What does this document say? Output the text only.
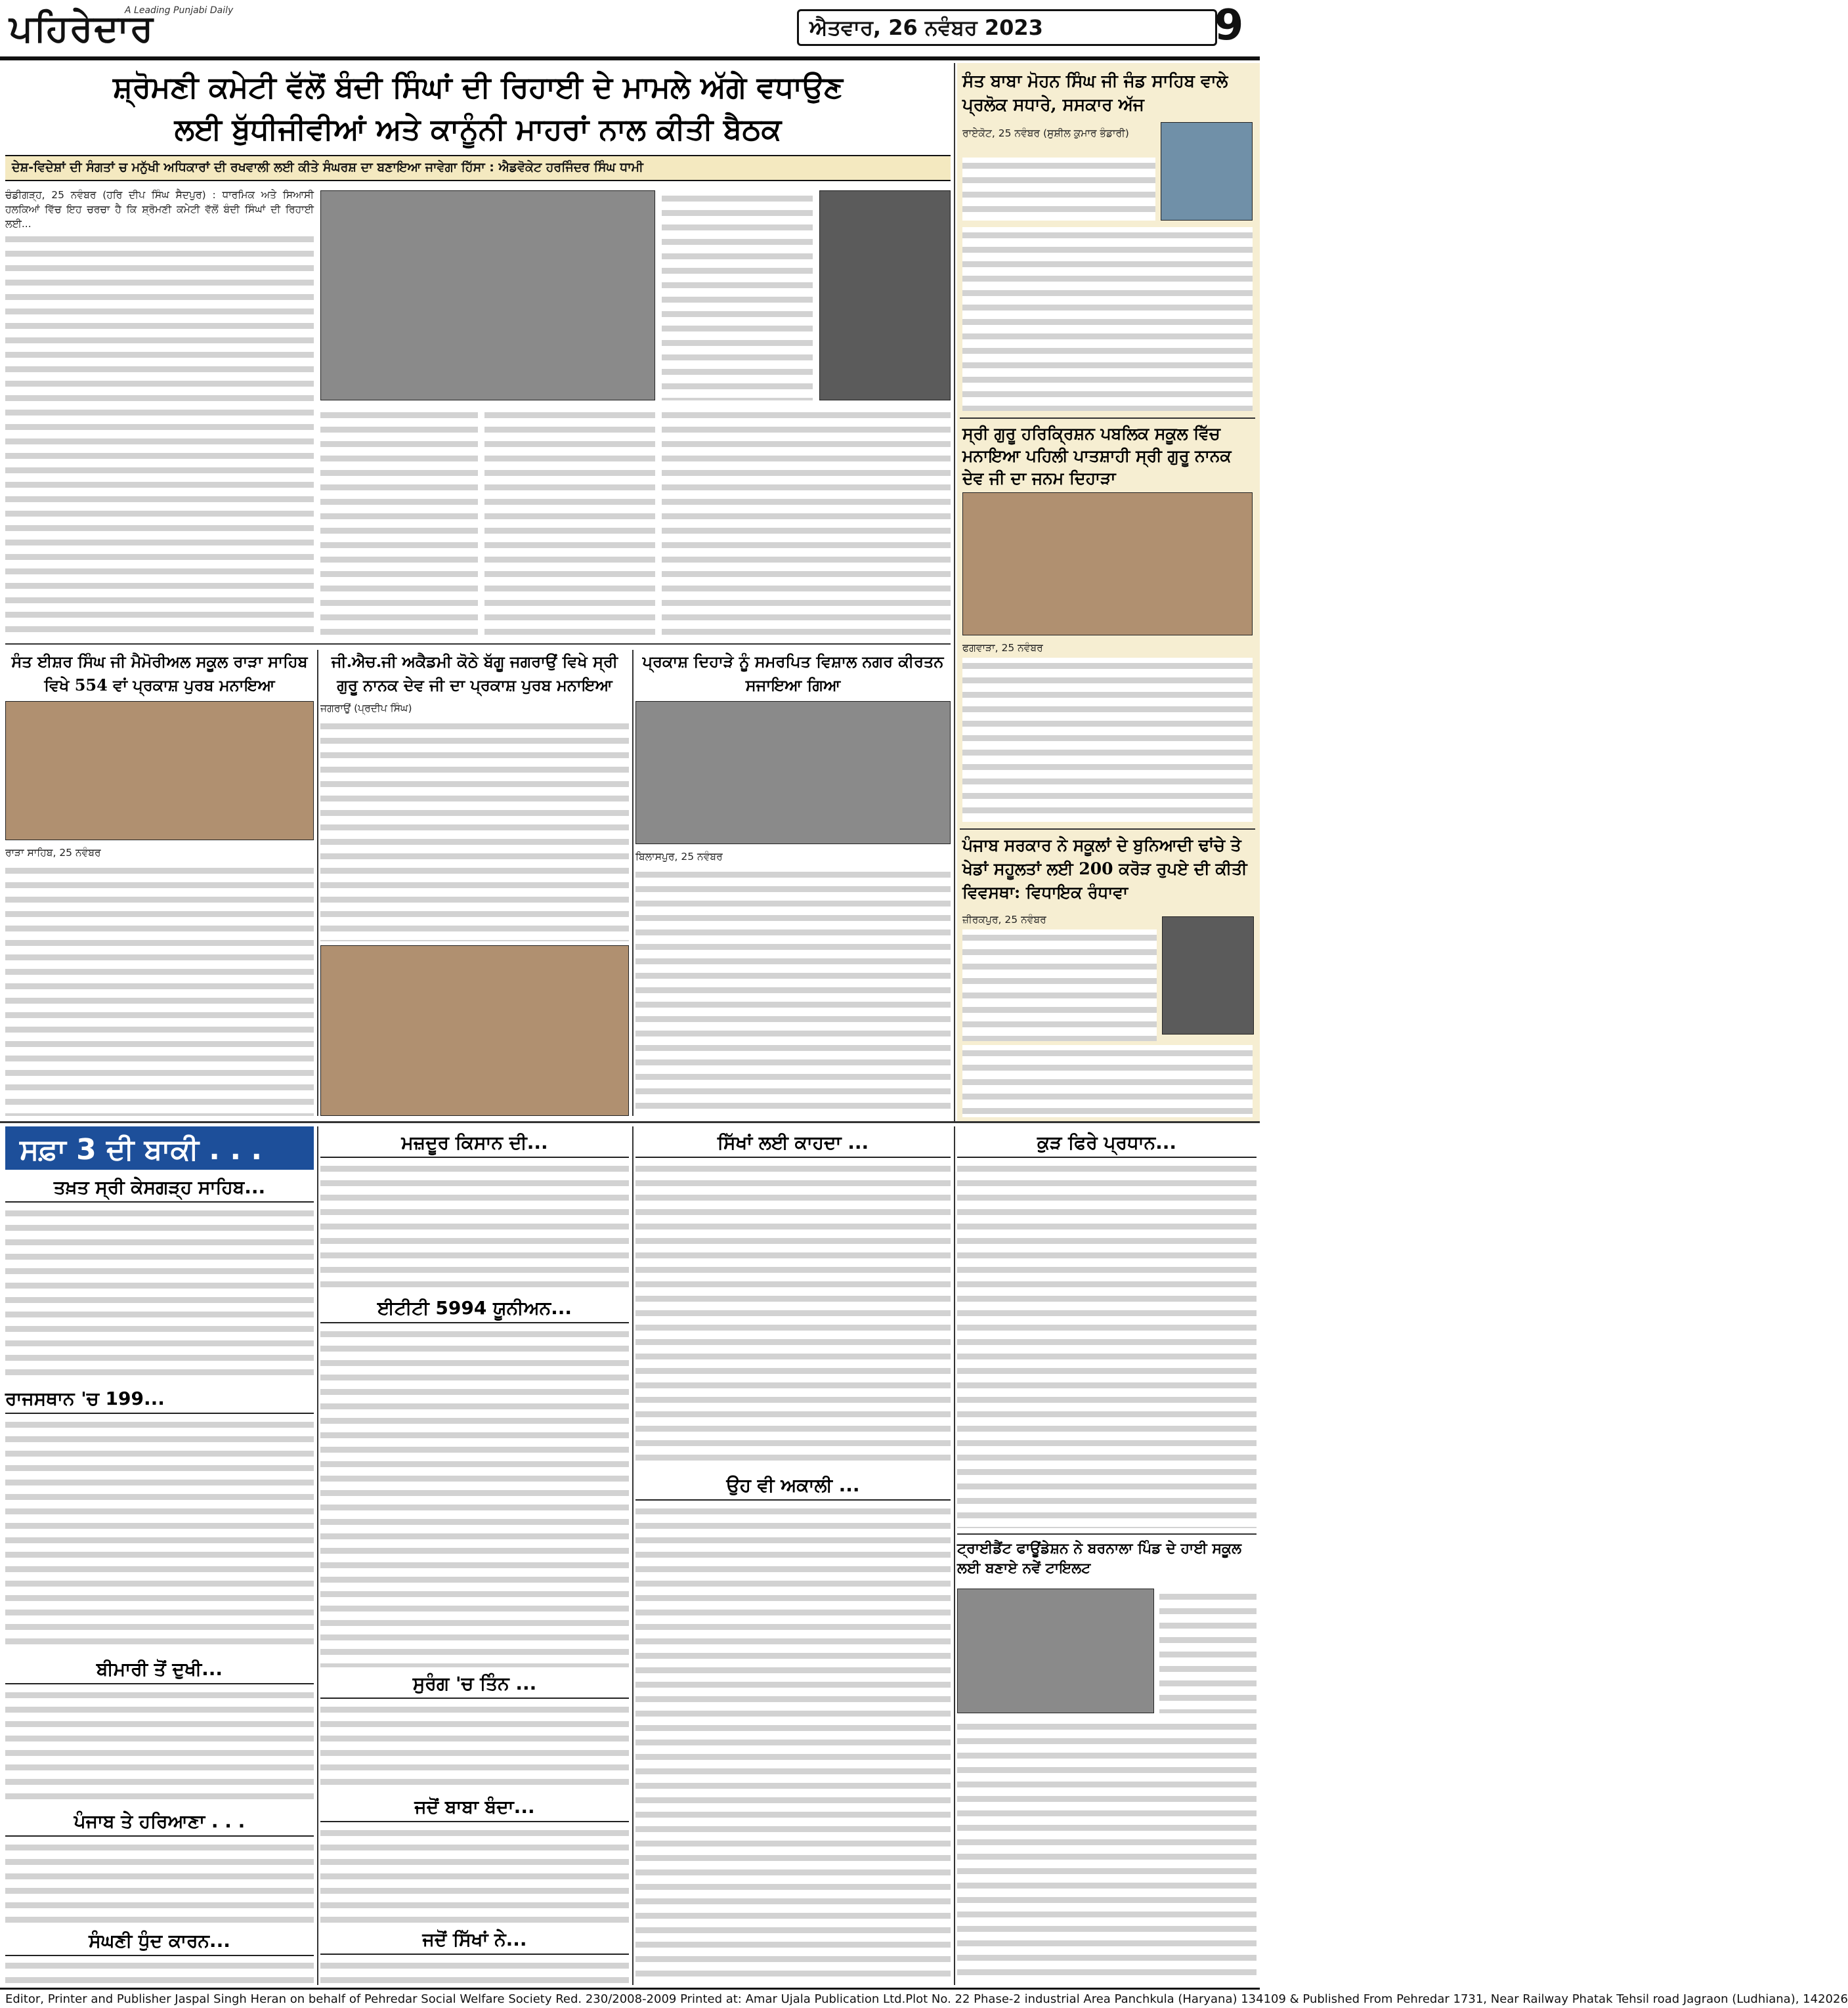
ਪਹਿਰੇਦਾਰ
A Leading Punjabi Daily
ਐਤਵਾਰ, 26 ਨਵੰਬਰ 2023	9
ਸ਼੍ਰੋਮਣੀ ਕਮੇਟੀ ਵੱਲੋਂ ਬੰਦੀ ਸਿੰਘਾਂ ਦੀ ਰਿਹਾਈ ਦੇ ਮਾਮਲੇ ਅੱਗੇ ਵਧਾਉਣ
ਲਈ ਬੁੱਧੀਜੀਵੀਆਂ ਅਤੇ ਕਾਨੂੰਨੀ ਮਾਹਰਾਂ ਨਾਲ ਕੀਤੀ ਬੈਠਕ
ਦੇਸ਼-ਵਿਦੇਸ਼ਾਂ ਦੀ ਸੰਗਤਾਂ ਚ ਮਨੁੱਖੀ ਅਧਿਕਾਰਾਂ ਦੀ ਰਖਵਾਲੀ ਲਈ ਕੀਤੇ ਸੰਘਰਸ਼ ਦਾ ਬਣਾਇਆ ਜਾਵੇਗਾ ਹਿੱਸਾ : ਐਡਵੋਕੇਟ ਹਰਜਿੰਦਰ ਸਿੰਘ ਧਾਮੀ
ਚੰਡੀਗੜ੍ਹ, 25 ਨਵੰਬਰ (ਹਰਿ ਦੀਪ ਸਿੰਘ ਸੈਦਪੁਰ) : ਧਾਰਮਿਕ ਅਤੇ ਸਿਆਸੀ ਹਲਕਿਆਂ ਵਿੱਚ ਇਹ ਚਰਚਾ ਹੈ ਕਿ ਸ਼੍ਰੋਮਣੀ ਕਮੇਟੀ ਵੱਲੋਂ ਬੰਦੀ ਸਿੰਘਾਂ ਦੀ ਰਿਹਾਈ ਲਈ...
ਸੰਤ ਬਾਬਾ ਮੋਹਨ ਸਿੰਘ ਜੀ ਜੰਡ ਸਾਹਿਬ ਵਾਲੇ ਪ੍ਰਲੋਕ ਸਧਾਰੇ, ਸਸਕਾਰ ਅੱਜ
ਰਾਏਕੋਟ, 25 ਨਵੰਬਰ (ਸੁਸ਼ੀਲ ਕੁਮਾਰ ਭੰਡਾਰੀ)
ਸ੍ਰੀ ਗੁਰੂ ਹਰਿਕ੍ਰਿਸ਼ਨ ਪਬਲਿਕ ਸਕੂਲ ਵਿੱਚ ਮਨਾਇਆ ਪਹਿਲੀ ਪਾਤਸ਼ਾਹੀ ਸ੍ਰੀ ਗੁਰੂ ਨਾਨਕ ਦੇਵ ਜੀ ਦਾ ਜਨਮ ਦਿਹਾੜਾ
ਫਗਵਾੜਾ, 25 ਨਵੰਬਰ
ਪੰਜਾਬ ਸਰਕਾਰ ਨੇ ਸਕੂਲਾਂ ਦੇ ਬੁਨਿਆਦੀ ਢਾਂਚੇ ਤੇ ਖੇਡਾਂ ਸਹੂਲਤਾਂ ਲਈ 200 ਕਰੋੜ ਰੁਪਏ ਦੀ ਕੀਤੀ ਵਿਵਸਥਾ: ਵਿਧਾਇਕ ਰੰਧਾਵਾ
ਜ਼ੀਰਕਪੁਰ, 25 ਨਵੰਬਰ
ਸੰਤ ਈਸ਼ਰ ਸਿੰਘ ਜੀ ਮੈਮੋਰੀਅਲ ਸਕੂਲ ਰਾੜਾ ਸਾਹਿਬ ਵਿਖੇ 554 ਵਾਂ ਪ੍ਰਕਾਸ਼ ਪੁਰਬ ਮਨਾਇਆ
ਰਾੜਾ ਸਾਹਿਬ, 25 ਨਵੰਬਰ
ਜੀ.ਐਚ.ਜੀ ਅਕੈਡਮੀ ਕੋਠੇ ਬੱਗੂ ਜਗਰਾਉਂ ਵਿਖੇ ਸ੍ਰੀ ਗੁਰੂ ਨਾਨਕ ਦੇਵ ਜੀ ਦਾ ਪ੍ਰਕਾਸ਼ ਪੁਰਬ ਮਨਾਇਆ
ਜਗਰਾਉਂ (ਪ੍ਰਦੀਪ ਸਿੰਘ)
ਪ੍ਰਕਾਸ਼ ਦਿਹਾੜੇ ਨੂੰ ਸਮਰਪਿਤ ਵਿਸ਼ਾਲ ਨਗਰ ਕੀਰਤਨ ਸਜਾਇਆ ਗਿਆ
ਬਿਲਾਸਪੁਰ, 25 ਨਵੰਬਰ
ਸਫ਼ਾ 3 ਦੀ ਬਾਕੀ . . .
ਤਖ਼ਤ ਸ੍ਰੀ ਕੇਸਗੜ੍ਹ ਸਾਹਿਬ...
ਰਾਜਸਥਾਨ 'ਚ 199...
ਬੀਮਾਰੀ ਤੋਂ ਦੁਖੀ...
ਪੰਜਾਬ ਤੇ ਹਰਿਆਣਾ . . .
ਸੰਘਣੀ ਧੁੰਦ ਕਾਰਨ...
ਮਜ਼ਦੂਰ ਕਿਸਾਨ ਦੀ...
ਈਟੀਟੀ 5994 ਯੂਨੀਅਨ...
ਸੁਰੰਗ 'ਚ ਤਿੰਨ ...
ਜਦੋਂ ਬਾਬਾ ਬੰਦਾ...
ਜਦੋਂ ਸਿੱਖਾਂ ਨੇ...
ਸਿੱਖਾਂ ਲਈ ਕਾਹਦਾ ...
ਉਹ ਵੀ ਅਕਾਲੀ ...
ਕੁੜ ਫਿਰੇ ਪ੍ਰਧਾਨ...
ਟ੍ਰਾਈਡੈਂਟ ਫਾਊਂਡੇਸ਼ਨ ਨੇ ਬਰਨਾਲਾ ਪਿੰਡ ਦੇ ਹਾਈ ਸਕੂਲ ਲਈ ਬਣਾਏ ਨਵੇਂ ਟਾਇਲਟ
Editor, Printer and Publisher Jaspal Singh Heran on behalf of Pehredar Social Welfare Society Red. 230/2008-2009 Printed at: Amar Ujala Publication Ltd.Plot No. 22 Phase-2 industrial Area Panchkula (Haryana) 134109 & Published From Pehredar 1731, Near Railway Phatak Tehsil road Jagraon (Ludhiana), 142026
